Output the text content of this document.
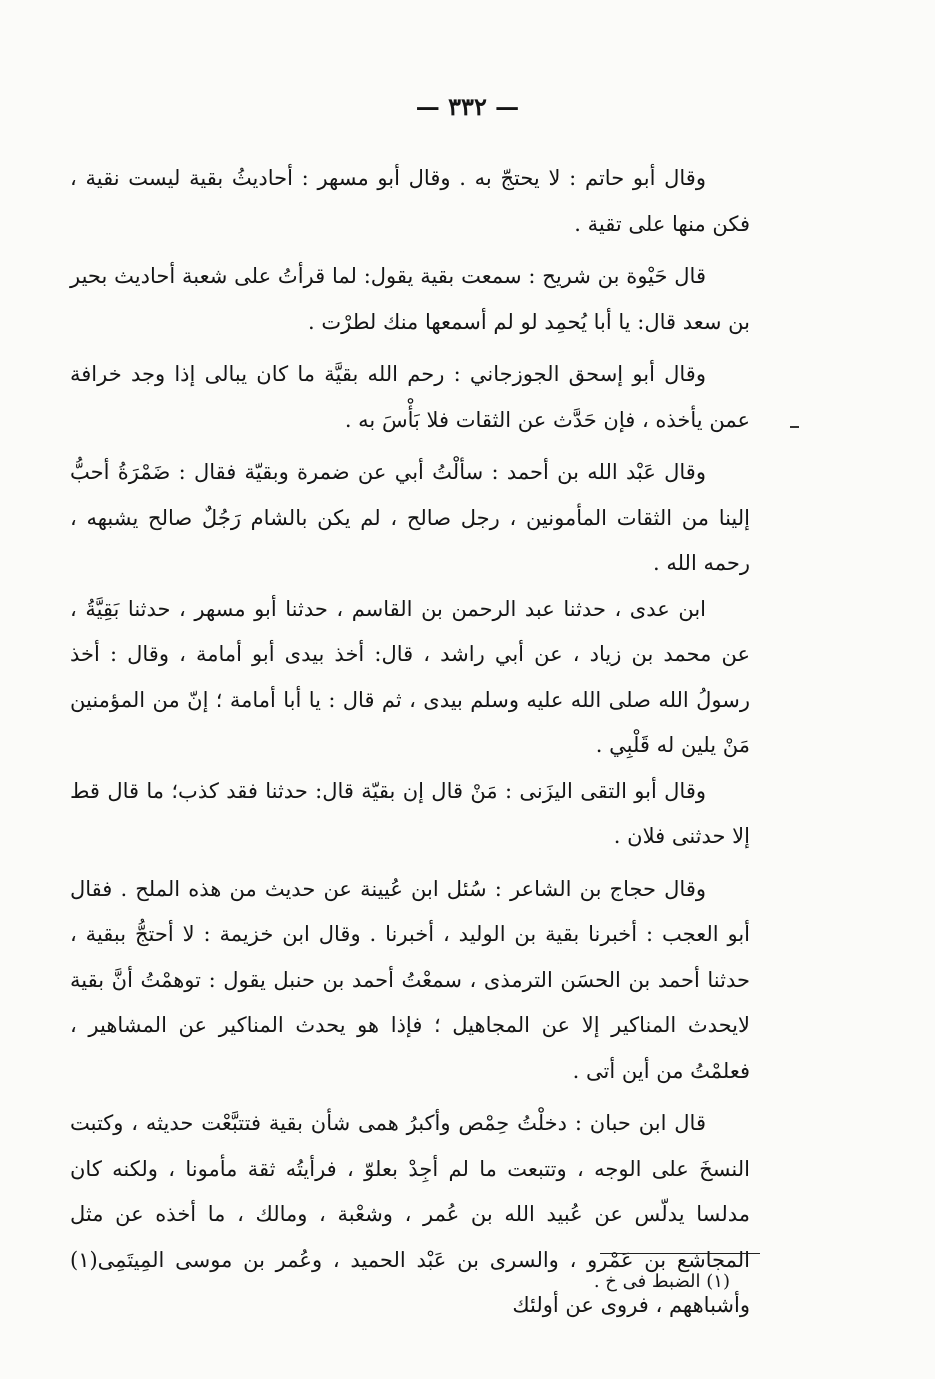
— ٣٣٢ —

وقال أبو حاتم : لا يحتجّ به . وقال أبو مسهر : أحاديثُ بقية ليست نقية ، فكن منها على تقية .

قال حَيْوة بن شريح : سمعت بقية يقول: لما قرأتُ على شعبة أحاديث بحير بن سعد قال: يا أبا يُحمِد لو لم أسمعها منك لطرْت .

وقال أبو إسحق الجوزجاني : رحم الله بقيَّة ما كان يبالى إذا وجد خرافة عمن يأخذه ، فإن حَدَّث عن الثقات فلا بَأْسَ به .

وقال عَبْد الله بن أحمد : سألْتُ أبي عن ضمرة وبقيّة فقال : ضَمْرَةُ أحبُّ إلينا من الثقات المأمونين ، رجل صالح ، لم يكن بالشام رَجُلٌ صالح يشبهه ، رحمه الله .

ابن عدى ، حدثنا عبد الرحمن بن القاسم ، حدثنا أبو مسهر ، حدثنا بَقِيَّةُ ، عن محمد بن زياد ، عن أبي راشد ، قال: أخذ بيدى أبو أمامة ، وقال : أخذ رسولُ الله صلى الله عليه وسلم بيدى ، ثم قال : يا أبا أمامة ؛ إنّ من المؤمنين مَنْ يلين له قَلْبِي .

وقال أبو التقى اليزَنى : مَنْ قال إن بقيّة قال: حدثنا فقد كذب؛ ما قال قط إلا حدثنى فلان .

وقال حجاج بن الشاعر : سُئل ابن عُيينة عن حديث من هذه الملح . فقال أبو العجب : أخبرنا بقية بن الوليد ، أخبرنا . وقال ابن خزيمة : لا أحتجُّ ببقية ، حدثنا أحمد بن الحسَن الترمذى ، سمعْتُ أحمد بن حنبل يقول : توهمْتُ أنَّ بقية لايحدث المناكير إلا عن المجاهيل ؛ فإذا هو يحدث المناكير عن المشاهير ، فعلمْتُ من أين أتى .

قال ابن حبان : دخلْتُ حِمْص وأكبرُ همى شأن بقية فتتبَّعْت حديثه ، وكتبت النسخَ على الوجه ، وتتبعت ما لم أجِدْ بعلوّ ، فرأيتُه ثقة مأمونا ، ولكنه كان مدلسا يدلّس عن عُبيد الله بن عُمر ، وشعْبة ، ومالك ، ما أخذه عن مثل المجاشع بن عَمْرو ، والسرى بن عَبْد الحميد ، وعُمر بن موسى المِيتَمِى(١) وأشباههم ، فروى عن أولئك

(١) الضبط فى خ .
